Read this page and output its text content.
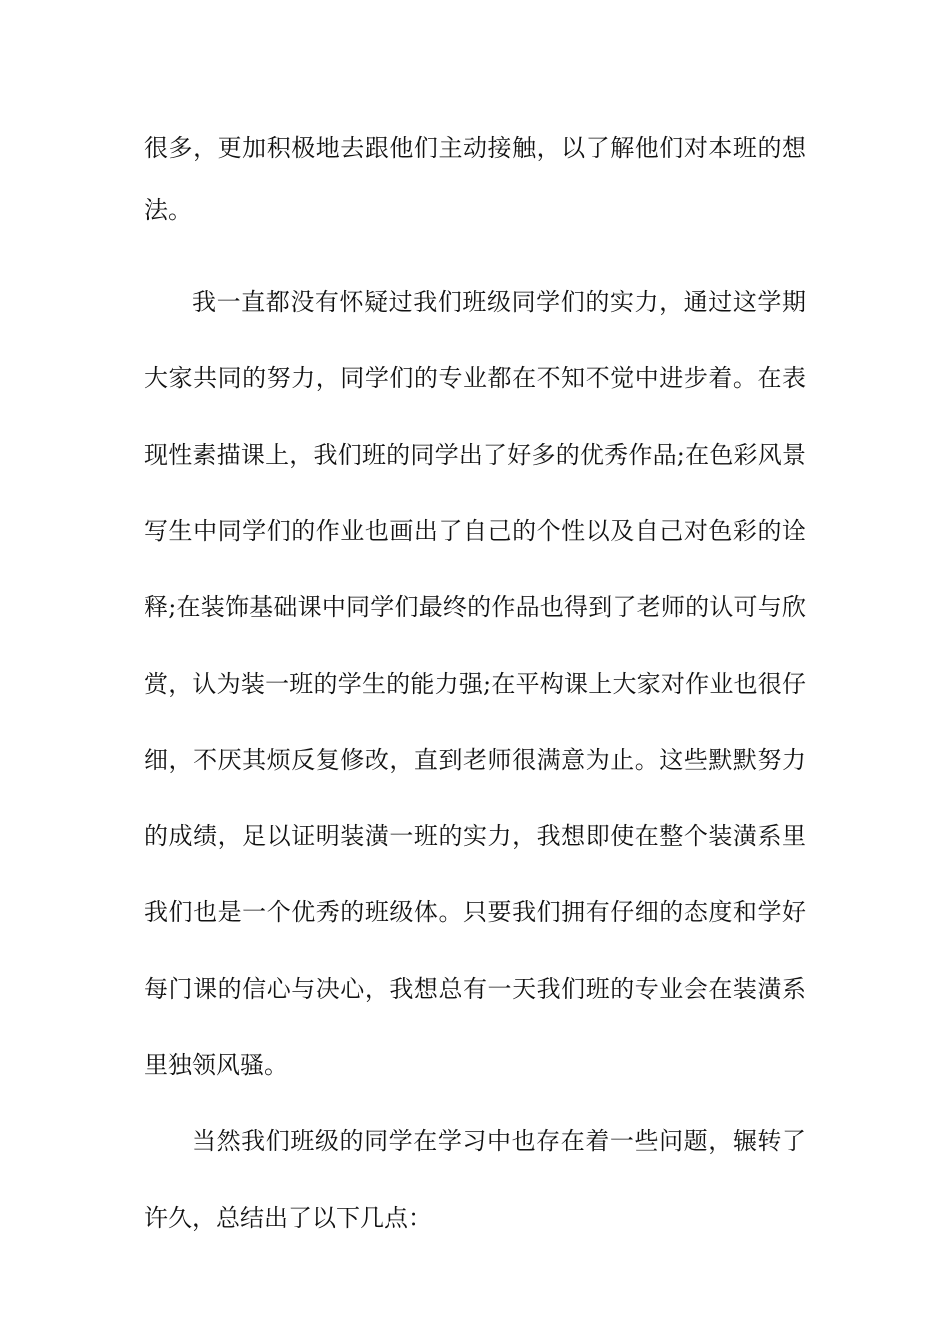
很多，更加积极地去跟他们主动接触，以了解他们对本班的想
法。
我一直都没有怀疑过我们班级同学们的实力，通过这学期
大家共同的努力，同学们的专业都在不知不觉中进步着。在表
现性素描课上，我们班的同学出了好多的优秀作品;在色彩风景
写生中同学们的作业也画出了自己的个性以及自己对色彩的诠
释;在装饰基础课中同学们最终的作品也得到了老师的认可与欣
赏，认为装一班的学生的能力强;在平构课上大家对作业也很仔
细，不厌其烦反复修改，直到老师很满意为止。这些默默努力
的成绩，足以证明装潢一班的实力，我想即使在整个装潢系里
我们也是一个优秀的班级体。只要我们拥有仔细的态度和学好
每门课的信心与决心，我想总有一天我们班的专业会在装潢系
里独领风骚。
当然我们班级的同学在学习中也存在着一些问题，辗转了
许久，总结出了以下几点：
